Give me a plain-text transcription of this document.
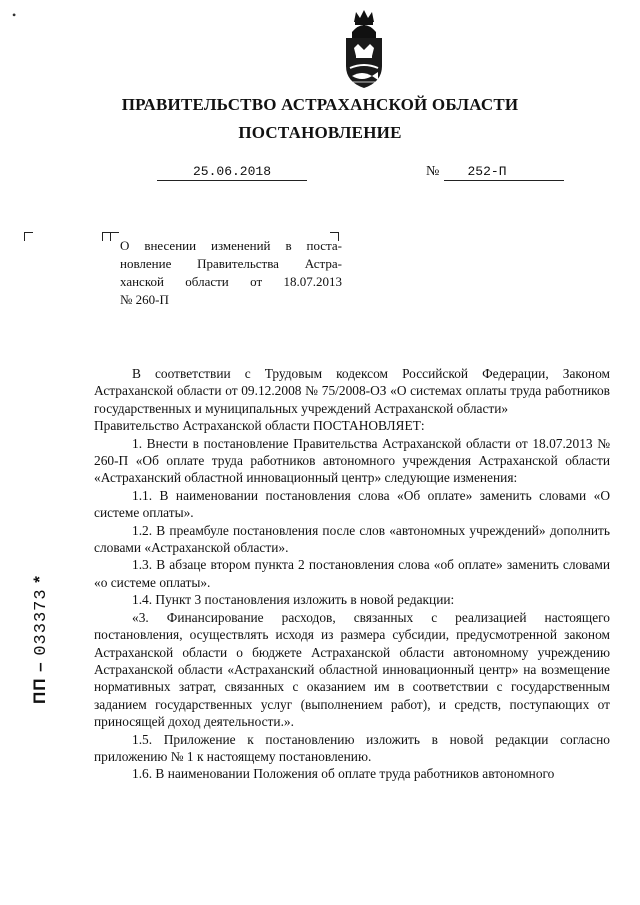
•
ПРАВИТЕЛЬСТВО АСТРАХАНСКОЙ ОБЛАСТИ
ПОСТАНОВЛЕНИЕ
25.06.2018	№	252-П
О внесении изменений в поста-
новление Правительства Астра-
ханской области от 18.07.2013
№ 260-П

В соответствии с Трудовым кодексом Российской Федерации, Законом Астраханской области от 09.12.2008 № 75/2008-ОЗ «О системах оплаты труда работников государственных и муниципальных учреждений Астраханской области»

Правительство Астраханской области ПОСТАНОВЛЯЕТ:

1. Внести в постановление Правительства Астраханской области от 18.07.2013 № 260-П «Об оплате труда работников автономного учреждения Астраханской области «Астраханский областной инновационный центр» следующие изменения:

1.1. В наименовании постановления слова «Об оплате» заменить словами «О системе оплаты».

1.2. В преамбуле постановления после слов «автономных учреждений» дополнить словами «Астраханской области».

1.3. В абзаце втором пункта 2 постановления слова «об оплате» заменить словами «о системе оплаты».

1.4. Пункт 3 постановления изложить в новой редакции:

«3. Финансирование расходов, связанных с реализацией настоящего постановления, осуществлять исходя из размера субсидии, предусмотренной законом Астраханской области о бюджете Астраханской области автономному учреждению Астраханской области «Астраханский областной инновационный центр» на возмещение нормативных затрат, связанных с оказанием им в соответствии с государственным заданием государственных услуг (выполнением работ), и средств, поступающих от приносящей доход деятельности.».

1.5. Приложение к постановлению изложить в новой редакции согласно приложению № 1 к настоящему постановлению.

1.6. В наименовании Положения об оплате труда работников автономного

ПП – 033373 *
